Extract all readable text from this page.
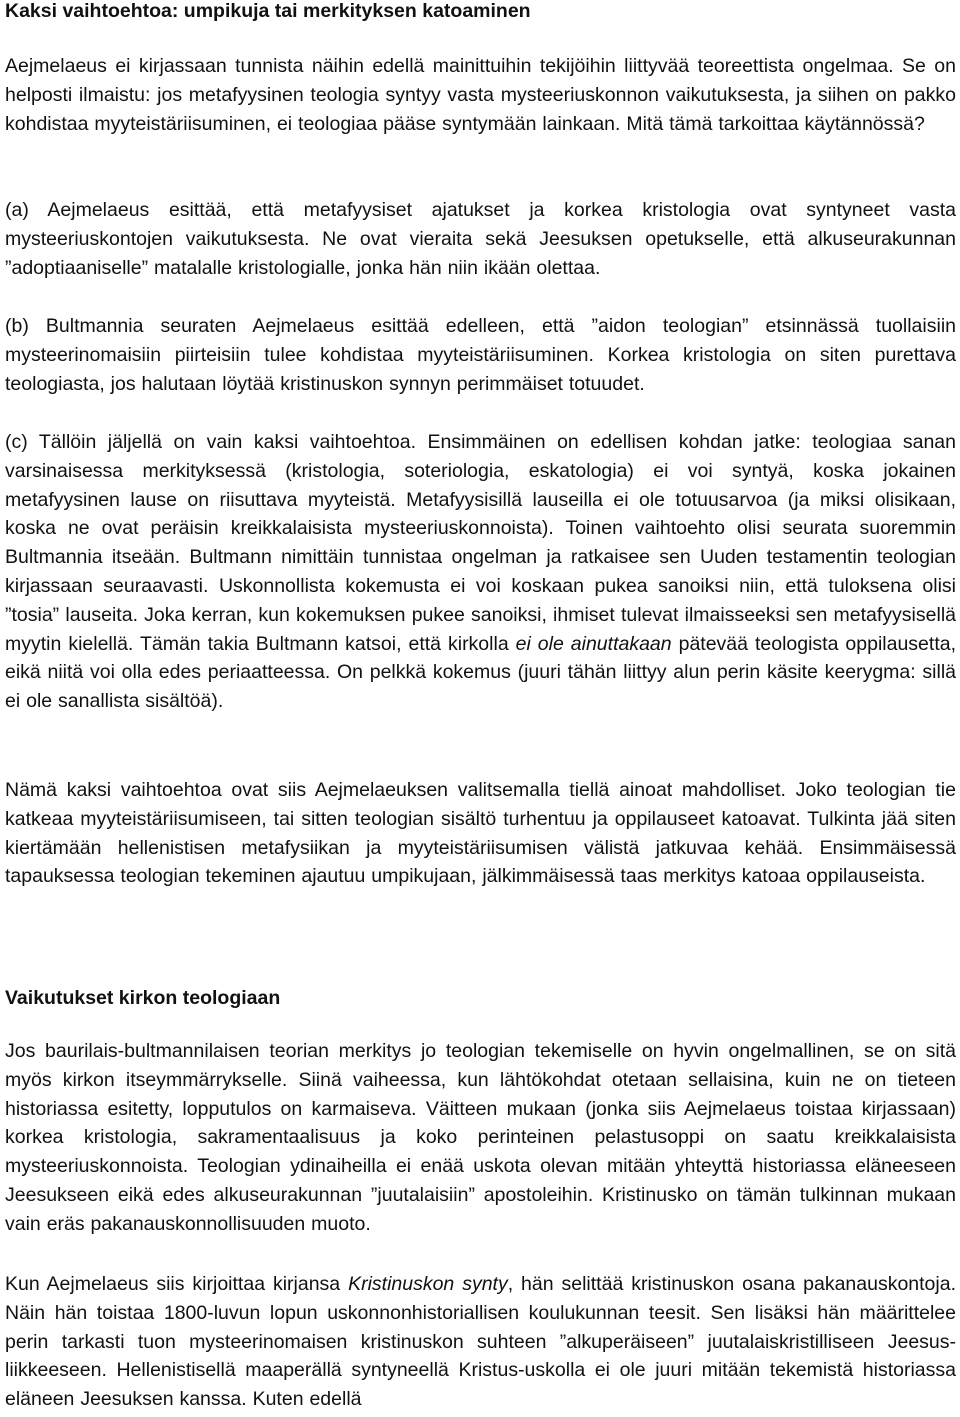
Kaksi vaihtoehtoa: umpikuja tai merkityksen katoaminen

Aejmelaeus ei kirjassaan tunnista näihin edellä mainittuihin tekijöihin liittyvää teoreettista ongelmaa. Se on helposti ilmaistu: jos metafyysinen teologia syntyy vasta mysteeriuskonnon vaikutuksesta, ja siihen on pakko kohdistaa myyteistäriisuminen, ei teologiaa pääse syntymään lainkaan. Mitä tämä tarkoittaa käytännössä?

(a) Aejmelaeus esittää, että metafyysiset ajatukset ja korkea kristologia ovat syntyneet vasta mysteeriuskontojen vaikutuksesta. Ne ovat vieraita sekä Jeesuksen opetukselle, että alkuseurakunnan ”adoptiaaniselle” matalalle kristologialle, jonka hän niin ikään olettaa.

(b) Bultmannia seuraten Aejmelaeus esittää edelleen, että ”aidon teologian” etsinnässä tuollaisiin mysteerinomaisiin piirteisiin tulee kohdistaa myyteistäriisuminen. Korkea kristologia on siten purettava teologiasta, jos halutaan löytää kristinuskon synnyn perimmäiset totuudet.

(c) Tällöin jäljellä on vain kaksi vaihtoehtoa. Ensimmäinen on edellisen kohdan jatke: teologiaa sanan varsinaisessa merkityksessä (kristologia, soteriologia, eskatologia) ei voi syntyä, koska jokainen metafyysinen lause on riisuttava myyteistä. Metafyysisillä lauseilla ei ole totuusarvoa (ja miksi olisikaan, koska ne ovat peräisin kreikkalaisista mysteeriuskonnoista). Toinen vaihtoehto olisi seurata suoremmin Bultmannia itseään. Bultmann nimittäin tunnistaa ongelman ja ratkaisee sen Uuden testamentin teologian kirjassaan seuraavasti. Uskonnollista kokemusta ei voi koskaan pukea sanoiksi niin, että tuloksena olisi ”tosia” lauseita. Joka kerran, kun kokemuksen pukee sanoiksi, ihmiset tulevat ilmaisseeksi sen metafyysisellä myytin kielellä. Tämän takia Bultmann katsoi, että kirkolla ei ole ainuttakaan pätevää teologista oppilausetta, eikä niitä voi olla edes periaatteessa. On pelkkä kokemus (juuri tähän liittyy alun perin käsite keerygma: sillä ei ole sanallista sisältöä).

Nämä kaksi vaihtoehtoa ovat siis Aejmelaeuksen valitsemalla tiellä ainoat mahdolliset. Joko teologian tie katkeaa myyteistäriisumiseen, tai sitten teologian sisältö turhentuu ja oppilauseet katoavat. Tulkinta jää siten kiertämään hellenistisen metafysiikan ja myyteistäriisumisen välistä jatkuvaa kehää. Ensimmäisessä tapauksessa teologian tekeminen ajautuu umpikujaan, jälkimmäisessä taas merkitys katoaa oppilauseista.

Vaikutukset kirkon teologiaan

Jos baurilais-bultmannilaisen teorian merkitys jo teologian tekemiselle on hyvin ongelmallinen, se on sitä myös kirkon itseymmärrykselle. Siinä vaiheessa, kun lähtökohdat otetaan sellaisina, kuin ne on tieteen historiassa esitetty, lopputulos on karmaiseva. Väitteen mukaan (jonka siis Aejmelaeus toistaa kirjassaan) korkea kristologia, sakramentaalisuus ja koko perinteinen pelastusoppi on saatu kreikkalaisista mysteeriuskonnoista. Teologian ydinaiheilla ei enää uskota olevan mitään yhteyttä historiassa eläneeseen Jeesukseen eikä edes alkuseurakunnan ”juutalaisiin” apostoleihin. Kristinusko on tämän tulkinnan mukaan vain eräs pakanauskonnollisuuden muoto.

Kun Aejmelaeus siis kirjoittaa kirjansa Kristinuskon synty, hän selittää kristinuskon osana pakanauskontoja. Näin hän toistaa 1800-luvun lopun uskonnonhistoriallisen koulukunnan teesit. Sen lisäksi hän määrittelee perin tarkasti tuon mysteerinomaisen kristinuskon suhteen ”alkuperäiseen” juutalaiskristilliseen Jeesus-liikkeeseen. Hellenistisellä maaperällä syntyneellä Kristus-uskolla ei ole juuri mitään tekemistä historiassa eläneen Jeesuksen kanssa. Kuten edellä
